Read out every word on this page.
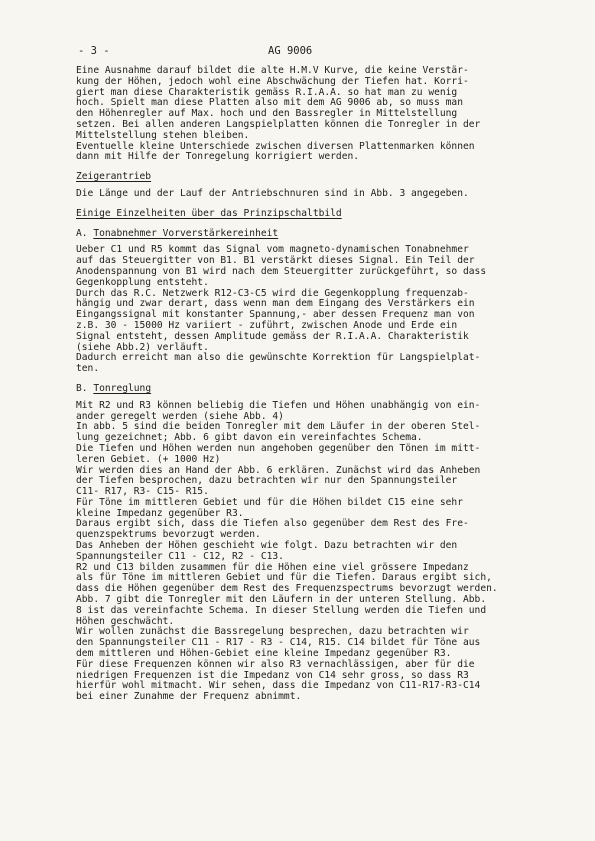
- 3 -	AG 9006
Eine Ausnahme darauf bildet die alte H.M.V Kurve, die keine Verstär-
kung der Höhen, jedoch wohl eine Abschwächung der Tiefen hat. Korri-
giert man diese Charakteristik gemäss R.I.A.A. so hat man zu wenig
hoch. Spielt man diese Platten also mit dem AG 9006 ab, so muss man
den Höhenregler auf Max. hoch und den Bassregler in Mittelstellung
setzen. Bei allen anderen Langspielplatten können die Tonregler in der
Mittelstellung stehen bleiben.
Eventuelle kleine Unterschiede zwischen diversen Plattenmarken können
dann mit Hilfe der Tonregelung korrigiert werden.
Zeigerantrieb
Die Länge und der Lauf der Antriebschnuren sind in Abb. 3 angegeben.
Einige Einzelheiten über das Prinzipschaltbild
A. Tonabnehmer Vorverstärkereinheit
Ueber C1 und R5 kommt das Signal vom magneto-dynamischen Tonabnehmer
auf das Steuergitter von B1. B1 verstärkt dieses Signal. Ein Teil der
Anodenspannung von B1 wird nach dem Steuergitter zurückgeführt, so dass
Gegenkopplung entsteht.
Durch das R.C. Netzwerk R12-C3-C5 wird die Gegenkopplung frequenzab-
hängig und zwar derart, dass wenn man dem Eingang des Verstärkers ein
Eingangssignal mit konstanter Spannung,- aber dessen Frequenz man von
z.B. 30 - 15000 Hz variiert - zuführt, zwischen Anode und Erde ein
Signal entsteht, dessen Amplitude gemäss der R.I.A.A. Charakteristik
(siehe Abb.2) verläuft.
Dadurch erreicht man also die gewünschte Korrektion für Langspielplat-
ten.
B. Tonreglung
Mit R2 und R3 können beliebig die Tiefen und Höhen unabhängig von ein-
ander geregelt werden (siehe Abb. 4)
In abb. 5 sind die beiden Tonregler mit dem Läufer in der oberen Stel-
lung gezeichnet; Abb. 6 gibt davon ein vereinfachtes Schema.
Die Tiefen und Höhen werden nun angehoben gegenüber den Tönen im mitt-
leren Gebiet. (+ 1000 Hz)
Wir werden dies an Hand der Abb. 6 erklären. Zunächst wird das Anheben
der Tiefen besprochen, dazu betrachten wir nur den Spannungsteiler
C11- R17, R3- C15- R15.
Für Töne im mittleren Gebiet und für die Höhen bildet C15 eine sehr
kleine Impedanz gegenüber R3.
Daraus ergibt sich, dass die Tiefen also gegenüber dem Rest des Fre-
quenzspektrums bevorzugt werden.
Das Anheben der Höhen geschieht wie folgt. Dazu betrachten wir den
Spannungsteiler C11 - C12, R2 - C13.
R2 und C13 bilden zusammen für die Höhen eine viel grössere Impedanz
als für Töne im mittleren Gebiet und für die Tiefen. Daraus ergibt sich,
dass die Höhen gegenüber dem Rest des Frequenzspectrums bevorzugt werden.
Abb. 7 gibt die Tonregler mit den Läufern in der unteren Stellung. Abb.
8 ist das vereinfachte Schema. In dieser Stellung werden die Tiefen und
Höhen geschwächt.
Wir wollen zunächst die Bassregelung besprechen, dazu betrachten wir
den Spannungsteiler C11 - R17 - R3 - C14, R15. C14 bildet für Töne aus
dem mittleren und Höhen-Gebiet eine kleine Impedanz gegenüber R3.
Für diese Frequenzen können wir also R3 vernachlässigen, aber für die
niedrigen Frequenzen ist die Impedanz von C14 sehr gross, so dass R3
hierfür wohl mitmacht. Wir sehen, dass die Impedanz von C11-R17-R3-C14
bei einer Zunahme der Frequenz abnimmt.
